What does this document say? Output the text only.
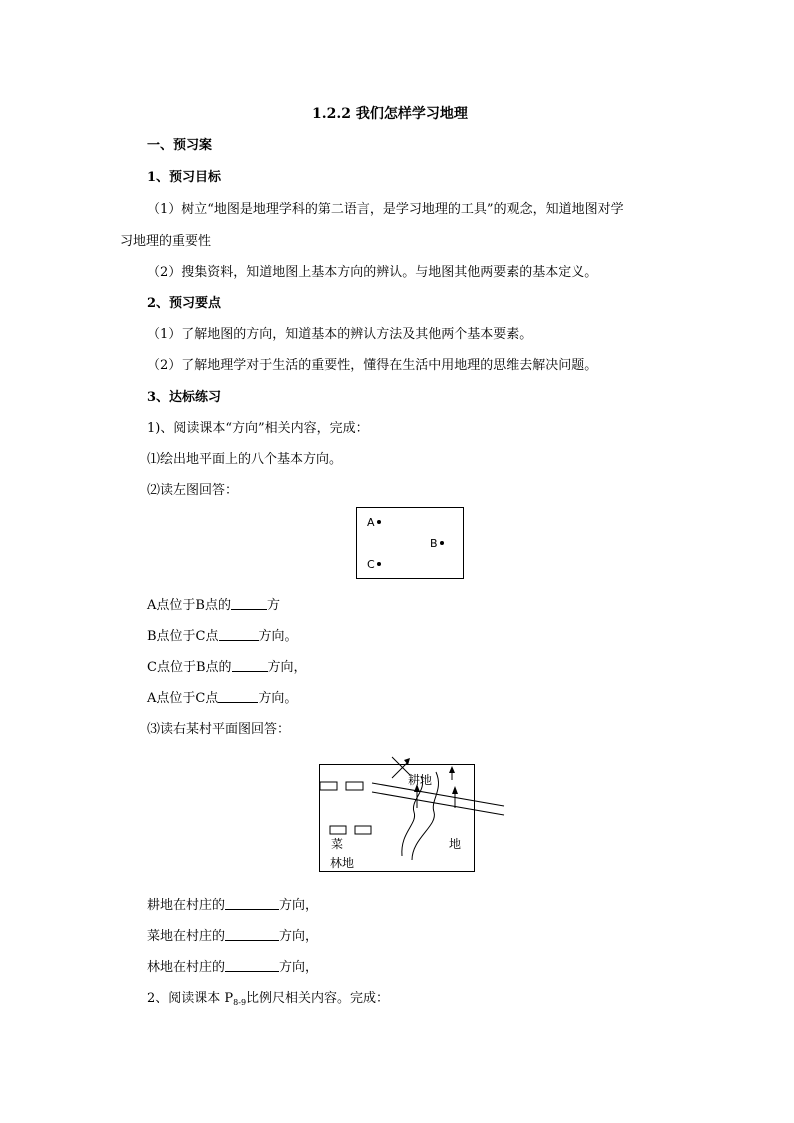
1.2.2 我们怎样学习地理
一、预习案
1、预习目标
（1）树立“地图是地理学科的第二语言，是学习地理的工具”的观念，知道地图对学
习地理的重要性
（2）搜集资料，知道地图上基本方向的辨认。与地图其他两要素的基本定义。
2、预习要点
（1）了解地图的方向，知道基本的辨认方法及其他两个基本要素。
（2）了解地理学对于生活的重要性，懂得在生活中用地理的思维去解决问题。
3、达标练习
1)、阅读课本“方向”相关内容，完成：
⑴绘出地平面上的八个基本方向。
⑵读左图回答：
A
B
C
A点位于B点的	方
B点位于C点	方向。
C点位于B点的	方向，
A点位于C点	方向。
⑶读右某村平面图回答：
耕地
菜	地
林地
耕地在村庄的	方向，
菜地在村庄的	方向，
林地在村庄的	方向，
2、阅读课本 $P_{8-9}$比例尺相关内容。完成：
